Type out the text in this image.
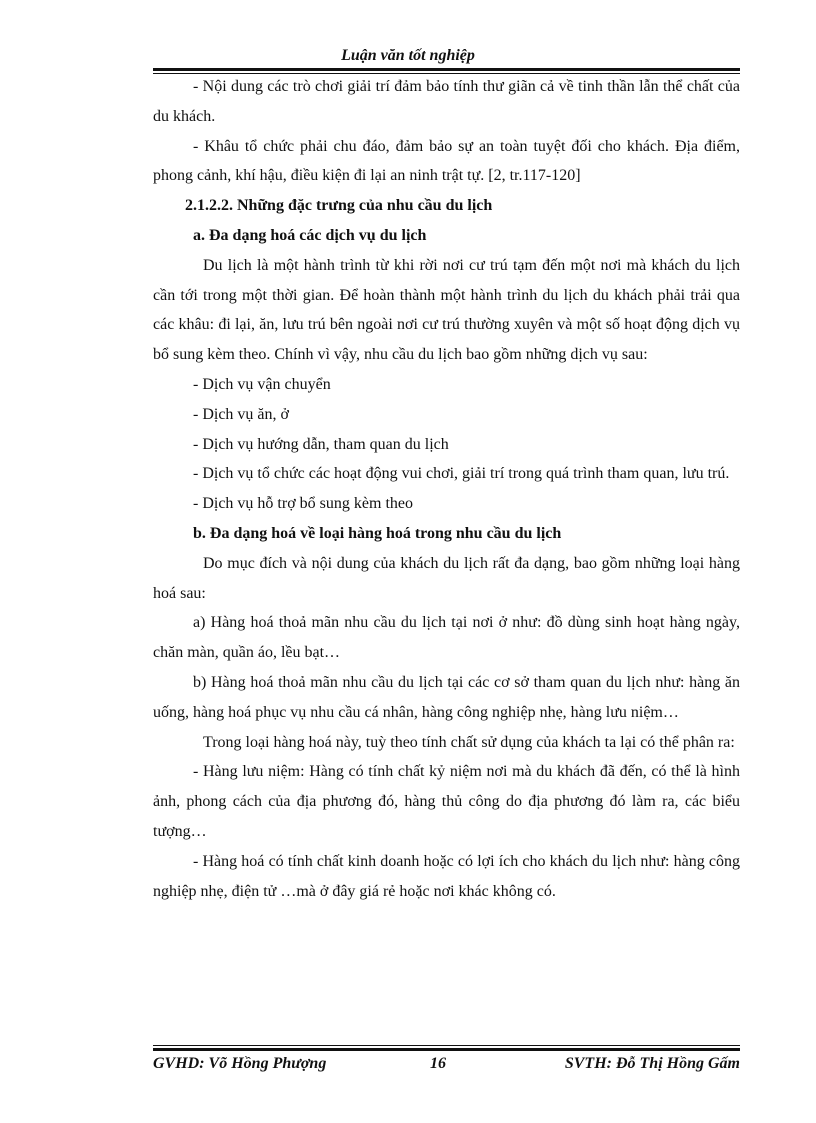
Luận văn tốt nghiệp

- Nội dung các trò chơi giải trí đảm bảo tính thư giãn cả về tinh thần lẫn thể chất của du khách.

- Khâu tổ chức phải chu đáo, đảm bảo sự an toàn tuyệt đối cho khách. Địa điểm, phong cảnh, khí hậu, điều kiện đi lại an ninh trật tự. [2, tr.117-120]

2.1.2.2. Những đặc trưng của nhu cầu du lịch

a. Đa dạng hoá các dịch vụ du lịch

Du lịch là một hành trình từ khi rời nơi cư trú tạm đến một nơi mà khách du lịch cần tới trong một thời gian. Để hoàn thành một hành trình du lịch du khách phải trải qua các khâu: đi lại, ăn, lưu trú bên ngoài nơi cư trú thường xuyên và một số hoạt động dịch vụ bổ sung kèm theo. Chính vì vậy, nhu cầu du lịch bao gồm những dịch vụ sau:

- Dịch vụ vận chuyển

- Dịch vụ ăn, ở

- Dịch vụ hướng dẫn, tham quan du lịch

- Dịch vụ tổ chức các hoạt động vui chơi, giải trí trong quá trình tham quan, lưu trú.

- Dịch vụ hỗ trợ bổ sung kèm theo

b. Đa dạng hoá về loại hàng hoá trong nhu cầu du lịch

Do mục đích và nội dung của khách du lịch rất đa dạng, bao gồm những loại hàng hoá sau:

a) Hàng hoá thoả mãn nhu cầu du lịch tại nơi ở như: đồ dùng sinh hoạt hàng ngày, chăn màn, quần áo, lều bạt…

b) Hàng hoá thoả mãn nhu cầu du lịch tại các cơ sở tham quan du lịch như: hàng ăn uống, hàng hoá phục vụ nhu cầu cá nhân, hàng công nghiệp nhẹ, hàng lưu niệm…

Trong loại hàng hoá này, tuỳ theo tính chất sử dụng của khách ta lại có thể phân ra:

- Hàng lưu niệm: Hàng có tính chất kỷ niệm nơi mà du khách đã đến, có thể là hình ảnh, phong cách của địa phương đó, hàng thủ công do địa phương đó làm ra, các biểu tượng…

- Hàng hoá có tính chất kinh doanh hoặc có lợi ích cho khách du lịch như: hàng công nghiệp nhẹ, điện tử …mà ở đây giá rẻ hoặc nơi khác không có.

GVHD: Võ Hồng Phượng	16	SVTH: Đỗ Thị Hồng Gấm
